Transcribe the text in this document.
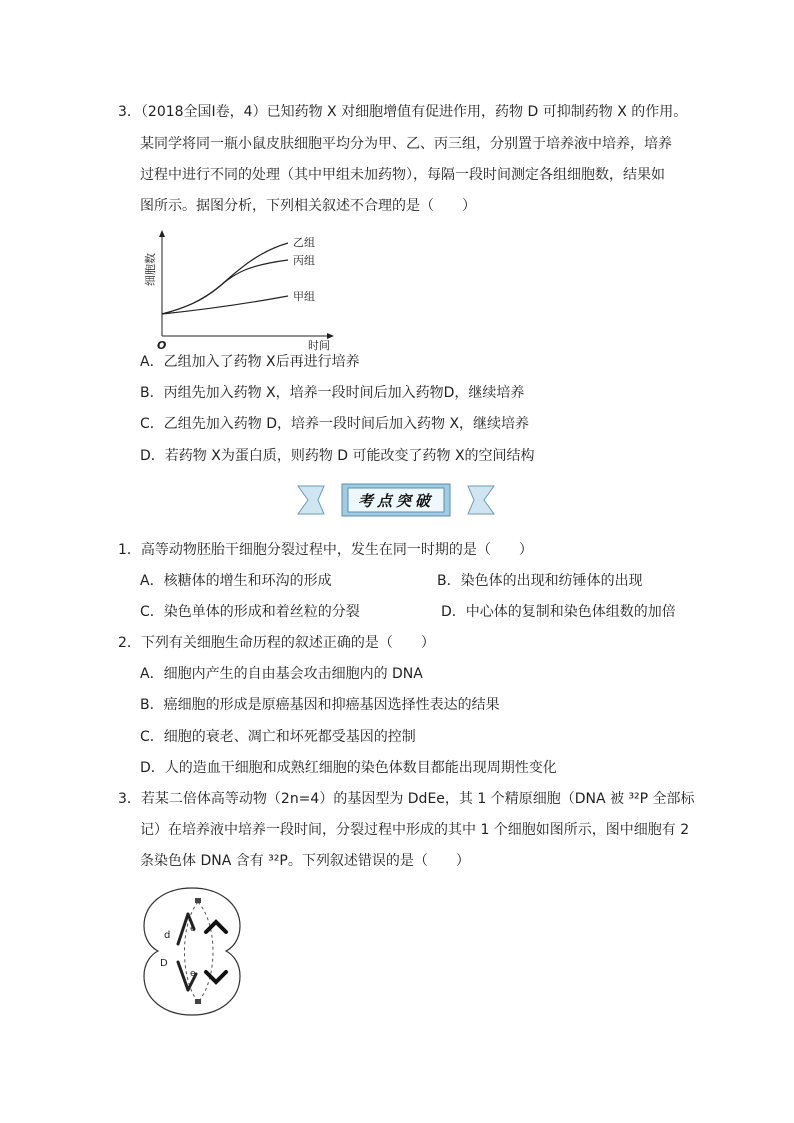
3．（2018全国Ⅰ卷，4）已知药物 X 对细胞增值有促进作用，药物 D 可抑制药物 X 的作用。
某同学将同一瓶小鼠皮肤细胞平均分为甲、乙、丙三组，分别置于培养液中培养，培养
过程中进行不同的处理（其中甲组未加药物），每隔一段时间测定各组细胞数，结果如
图所示。据图分析，下列相关叙述不合理的是（　　）
乙组
丙组
甲组
细胞数
时间
O
A．乙组加入了药物 X后再进行培养
B．丙组先加入药物 X，培养一段时间后加入药物D，继续培养
C．乙组先加入药物 D，培养一段时间后加入药物 X，继续培养
D．若药物 X为蛋白质，则药物 D 可能改变了药物 X的空间结构
考点突破
1．高等动物胚胎干细胞分裂过程中，发生在同一时期的是（　　）
A．核糖体的增生和环沟的形成	B．染色体的出现和纺锤体的出现
C．染色单体的形成和着丝粒的分裂	D．中心体的复制和染色体组数的加倍
2．下列有关细胞生命历程的叙述正确的是（　　）
A．细胞内产生的自由基会攻击细胞内的 DNA
B．癌细胞的形成是原癌基因和抑癌基因选择性表达的结果
C．细胞的衰老、凋亡和坏死都受基因的控制
D．人的造血干细胞和成熟红细胞的染色体数目都能出现周期性变化
3．若某二倍体高等动物（2n=4）的基因型为 DdEe，其 1 个精原细胞（DNA 被 ³²P 全部标
记）在培养液中培养一段时间，分裂过程中形成的其中 1 个细胞如图所示，图中细胞有 2
条染色体 DNA 含有 ³²P。下列叙述错误的是（　　）
d
e
D
e
